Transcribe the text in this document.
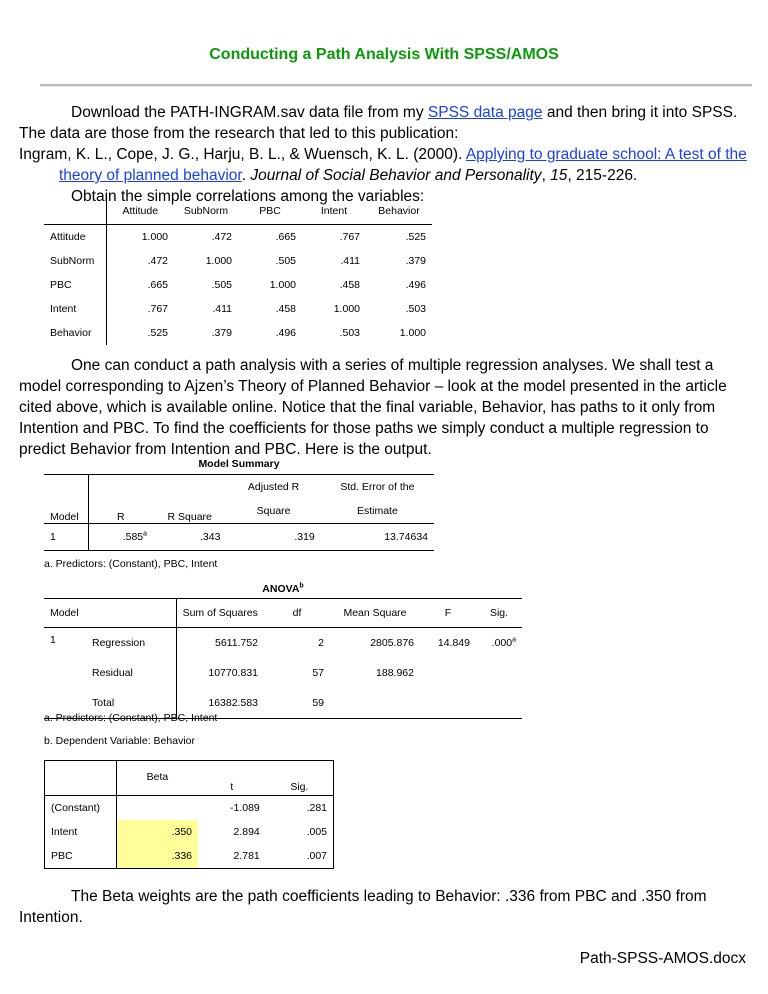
Conducting a Path Analysis With SPSS/AMOS
Download the PATH-INGRAM.sav data file from my SPSS data page and then bring it into SPSS. The data are those from the research that led to this publication:
Ingram, K. L., Cope, J. G., Harju, B. L., & Wuensch, K. L. (2000). Applying to graduate school: A test of the theory of planned behavior. Journal of Social Behavior and Personality, 15, 215-226.
Obtain the simple correlations among the variables:
	Attitude	SubNorm	PBC	Intent	Behavior
Attitude	1.000	.472	.665	.767	.525
SubNorm	.472	1.000	.505	.411	.379
PBC	.665	.505	1.000	.458	.496
Intent	.767	.411	.458	1.000	.503
Behavior	.525	.379	.496	.503	1.000
One can conduct a path analysis with a series of multiple regression analyses. We shall test a model corresponding to Ajzen’s Theory of Planned Behavior – look at the model presented in the article cited above, which is available online. Notice that the final variable, Behavior, has paths to it only from Intention and PBC. To find the coefficients for those paths we simply conduct a multiple regression to predict Behavior from Intention and PBC. Here is the output.
Model Summary
Model	R	R Square	Adjusted R	Std. Error of the
			Square	Estimate
1	.585$^a$	.343	.319	13.74634
a. Predictors: (Constant), PBC, Intent
ANOVA$^b$
Model		Sum of Squares	df	Mean Square	F	Sig.
1	Regression	5611.752	2	2805.876	14.849	.000$^a$
	Residual	10770.831	57	188.962		
	Total	16382.583	59			
a. Predictors: (Constant), PBC, Intent
b. Dependent Variable: Behavior
	Beta	t	Sig.
(Constant)		-1.089	.281
Intent	.350	2.894	.005
PBC	.336	2.781	.007
The Beta weights are the path coefficients leading to Behavior: .336 from PBC and .350 from Intention.
Path-SPSS-AMOS.docx
